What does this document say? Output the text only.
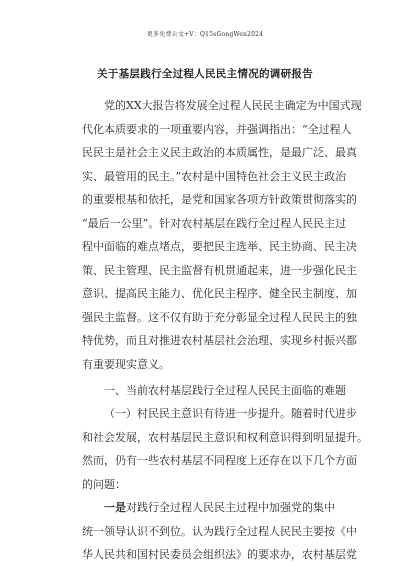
更多免费公文+V：Q15sGongWen2024
关于基层践行全过程人民民主情况的调研报告
党的XX大报告将发展全过程人民民主确定为中国式现
代化本质要求的一项重要内容，并强调指出：“全过程人
民民主是社会主义民主政治的本质属性，是最广泛、最真
实、最管用的民主。”农村是中国特色社会主义民主政治
的重要根基和依托，是党和国家各项方针政策贯彻落实的
“最后一公里”。针对农村基层在践行全过程人民民主过
程中面临的难点堵点，要把民主选举、民主协商、民主决
策、民主管理、民主监督有机贯通起来，进一步强化民主
意识、提高民主能力、优化民主程序、健全民主制度、加
强民主监督。这不仅有助于充分彰显全过程人民民主的独
特优势，而且对推进农村基层社会治理、实现乡村振兴都
有重要现实意义。
一、当前农村基层践行全过程人民民主面临的难题
（一）村民民主意识有待进一步提升。随着时代进步
和社会发展，农村基层民主意识和权利意识得到明显提升。
然而，仍有一些农村基层不同程度上还存在以下几个方面
的问题：
一是对践行全过程人民民主过程中加强党的集中
统一领导认识不到位。认为践行全过程人民民主要按《中
华人民共和国村民委员会组织法》的要求办，农村基层党
